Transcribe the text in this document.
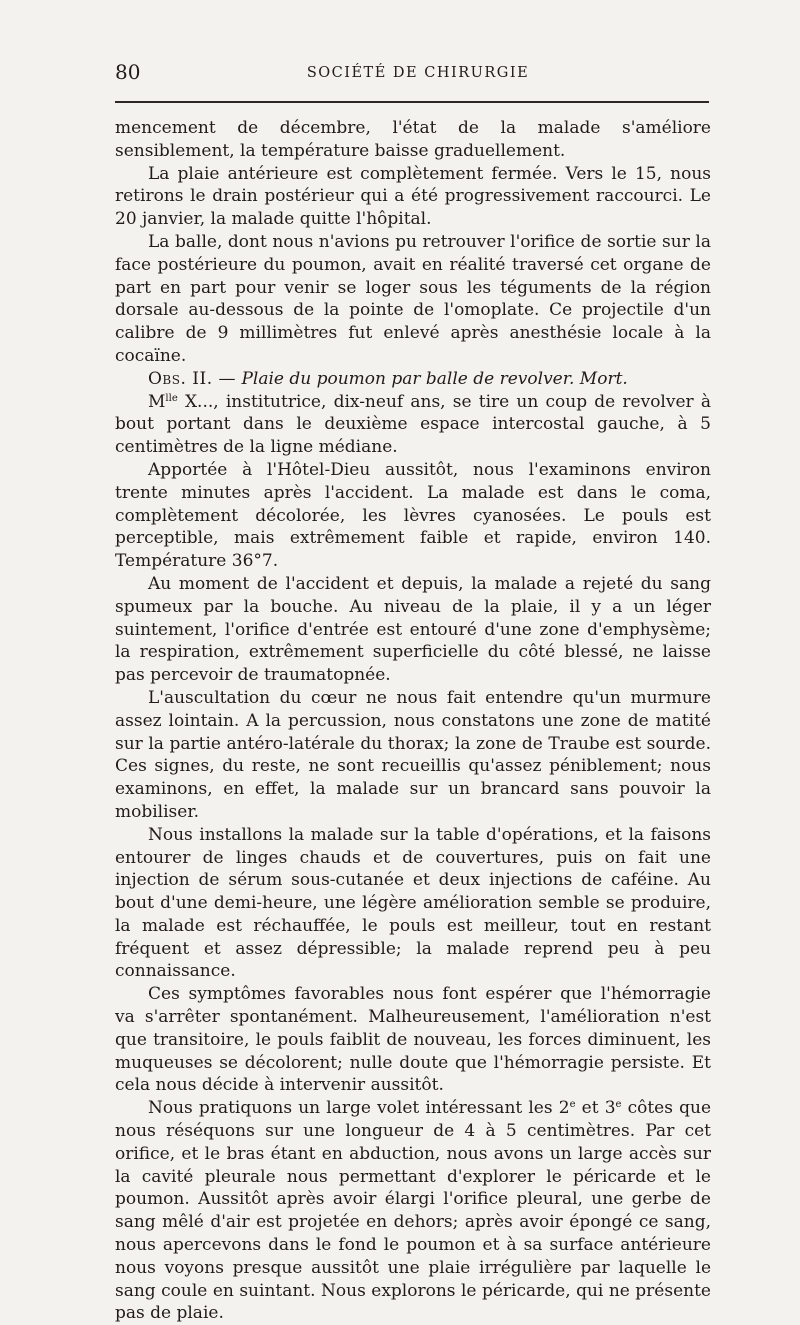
80	SOCIÉTÉ DE CHIRURGIE

mencement de décembre, l'état de la malade s'améliore sensiblement, la température baisse graduellement.

La plaie antérieure est complètement fermée. Vers le 15, nous retirons le drain postérieur qui a été progressivement raccourci. Le 20 janvier, la malade quitte l'hôpital.

La balle, dont nous n'avions pu retrouver l'orifice de sortie sur la face postérieure du poumon, avait en réalité traversé cet organe de part en part pour venir se loger sous les téguments de la région dorsale au-dessous de la pointe de l'omoplate. Ce projectile d'un calibre de 9 millimètres fut enlevé après anesthésie locale à la cocaïne.

Obs. II. — Plaie du poumon par balle de revolver. Mort.

$M^{lle}$ X..., institutrice, dix-neuf ans, se tire un coup de revolver à bout portant dans le deuxième espace intercostal gauche, à 5 centimètres de la ligne médiane.

Apportée à l'Hôtel-Dieu aussitôt, nous l'examinons environ trente minutes après l'accident. La malade est dans le coma, complètement décolorée, les lèvres cyanosées. Le pouls est perceptible, mais extrêmement faible et rapide, environ 140. Température 36°7.

Au moment de l'accident et depuis, la malade a rejeté du sang spumeux par la bouche. Au niveau de la plaie, il y a un léger suintement, l'orifice d'entrée est entouré d'une zone d'emphysème; la respiration, extrêmement superficielle du côté blessé, ne laisse pas percevoir de traumatopnée.

L'auscultation du cœur ne nous fait entendre qu'un murmure assez lointain. A la percussion, nous constatons une zone de matité sur la partie antéro-latérale du thorax; la zone de Traube est sourde. Ces signes, du reste, ne sont recueillis qu'assez péniblement; nous examinons, en effet, la malade sur un brancard sans pouvoir la mobiliser.

Nous installons la malade sur la table d'opérations, et la faisons entourer de linges chauds et de couvertures, puis on fait une injection de sérum sous-cutanée et deux injections de caféine. Au bout d'une demi-heure, une légère amélioration semble se produire, la malade est réchauffée, le pouls est meilleur, tout en restant fréquent et assez dépressible; la malade reprend peu à peu connaissance.

Ces symptômes favorables nous font espérer que l'hémorragie va s'arrêter spontanément. Malheureusement, l'amélioration n'est que transitoire, le pouls faiblit de nouveau, les forces diminuent, les muqueuses se décolorent; nulle doute que l'hémorragie persiste. Et cela nous décide à intervenir aussitôt.

Nous pratiquons un large volet intéressant les 2e et 3e côtes que nous réséquons sur une longueur de 4 à 5 centimètres. Par cet orifice, et le bras étant en abduction, nous avons un large accès sur la cavité pleurale nous permettant d'explorer le péricarde et le poumon. Aussitôt après avoir élargi l'orifice pleural, une gerbe de sang mêlé d'air est projetée en dehors; après avoir épongé ce sang, nous apercevons dans le fond le poumon et à sa surface antérieure nous voyons presque aussitôt une plaie irrégulière par laquelle le sang coule en suintant. Nous explorons le péricarde, qui ne présente pas de plaie.
